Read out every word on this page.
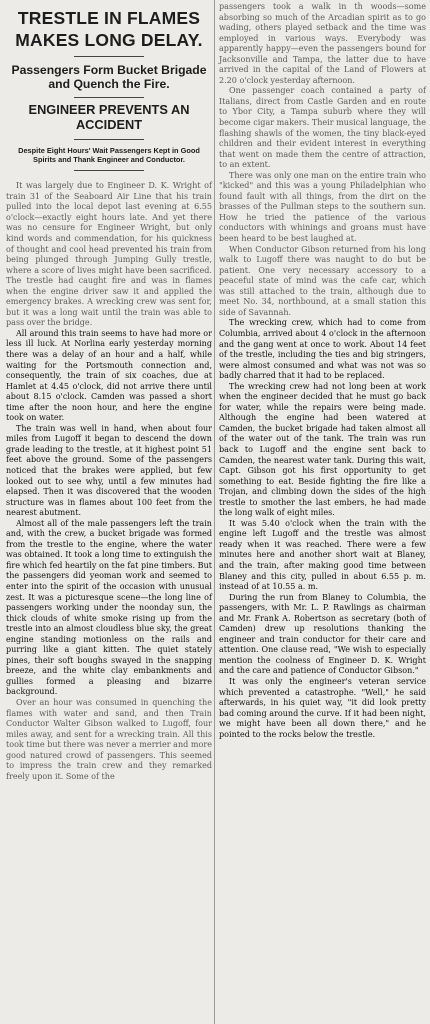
TRESTLE IN FLAMES
MAKES LONG DELAY.
Passengers Form Bucket Brigade and Quench the Fire.
ENGINEER PREVENTS AN ACCIDENT
Despite Eight Hours' Wait Passengers Kept in Good Spirits and Thank Engineer and Conductor.

It was largely due to Engineer D. K. Wright of train 31 of the Seaboard Air Line that his train pulled into the local depot last evening at 6.55 o'clock—exactly eight hours late. And yet there was no censure for Engineer Wright, but only kind words and commendation, for his quickness of thought and cool head prevented his train from being plunged through Jumping Gully trestle, where a score of lives might have been sacrificed. The trestle had caught fire and was in flames when the engine driver saw it and applied the emergency brakes. A wrecking crew was sent for, but it was a long wait until the train was able to pass over the bridge.

All around this train seems to have had more or less ill luck. At Norlina early yesterday morning there was a delay of an hour and a half, while waiting for the Portsmouth connection and, consequently, the train of six coaches, due at Hamlet at 4.45 o'clock, did not arrive there until about 8.15 o'clock. Camden was passed a short time after the noon hour, and here the engine took on water.

The train was well in hand, when about four miles from Lugoff it began to descend the down grade leading to the trestle, at it highest point 51 feet above the ground. Some of the passengers noticed that the brakes were applied, but few looked out to see why, until a few minutes had elapsed. Then it was discovered that the wooden structure was in flames about 100 feet from the nearest abutment.

Almost all of the male passengers left the train and, with the crew, a bucket brigade was formed from the trestle to the engine, where the water was obtained. It took a long time to extinguish the fire which fed heartily on the fat pine timbers. But the passengers did yeoman work and seemed to enter into the spirit of the occasion with unusual zest. It was a picturesque scene—the long line of passengers working under the noonday sun, the thick clouds of white smoke rising up from the trestle into an almost cloudless blue sky, the great engine standing motionless on the rails and purring like a giant kitten. The quiet stately pines, their soft boughs swayed in the snapping breeze, and the white clay embankments and gullies formed a pleasing and bizarre background.

Over an hour was consumed in quenching the flames with water and sand, and then Train Conductor Walter Gibson walked to Lugoff, four miles away, and sent for a wrecking train. All this took time but there was never a merrier and more good natured crowd of passengers. This seemed to impress the train crew and they remarked freely upon it. Some of the

passengers took a walk in th woods—some absorbing so much of the Arcadian spirit as to go wading, others played setback and the time was employed in various ways. Everybody was apparently happy—even the passengers bound for Jacksonville and Tampa, the latter due to have arrived in the capital of the Land of Flowers at 2.20 o'clock yesterday afternoon.

One passenger coach contained a party of Italians, direct from Castle Garden and en route to Ybor City, a Tampa suburb where they will become cigar makers. Their musical language, the flashing shawls of the women, the tiny black-eyed children and their evident interest in everything that went on made them the centre of attraction, to an extent.

There was only one man on the entire train who "kicked" and this was a young Philadelphian who found fault with all things, from the dirt on the brasses of the Pullman steps to the southern sun. How he tried the patience of the various conductors with whinings and groans must have been heard to be best laughed at.

When Conductor Gibson returned from his long walk to Lugoff there was naught to do but be patient. One very necessary accessory to a peaceful state of mind was the cafe car, which was still attached to the train, although due to meet No. 34, northbound, at a small station this side of Savannah.

The wrecking crew, which had to come from Columbia, arrived about 4 o'clock in the afternoon and the gang went at once to work. About 14 feet of the trestle, including the ties and big stringers, were almost consumed and what was not was so badly charred that it had to be replaced.

The wrecking crew had not long been at work when the engineer decided that he must go back for water, while the repairs were being made. Although the engine had been watered at Camden, the bucket brigade had taken almost all of the water out of the tank. The train was run back to Lugoff and the engine sent back to Camden, the nearest water tank. During this wait, Capt. Gibson got his first opportunity to get something to eat. Beside fighting the fire like a Trojan, and climbing down the sides of the high trestle to smother the last embers, he had made the long walk of eight miles.

It was 5.40 o'clock when the train with the engine left Lugoff and the trestle was almost ready when it was reached. There were a few minutes here and another short wait at Blaney, and the train, after making good time between Blaney and this city, pulled in about 6.55 p. m. instead of at 10.55 a. m.

During the run from Blaney to Columbia, the passengers, with Mr. L. P. Rawlings as chairman and Mr. Frank A. Robertson as secretary (both of Camden) drew up resolutions thanking the engineer and train conductor for their care and attention. One clause read, "We wish to especially mention the coolness of Engineer D. K. Wright and the care and patience of Conductor Gibson."

It was only the engineer's veteran service which prevented a catastrophe. "Well," he said afterwards, in his quiet way, "it did look pretty bad coming around the curve. If it had been night, we might have been all down there," and he pointed to the rocks below the trestle.
